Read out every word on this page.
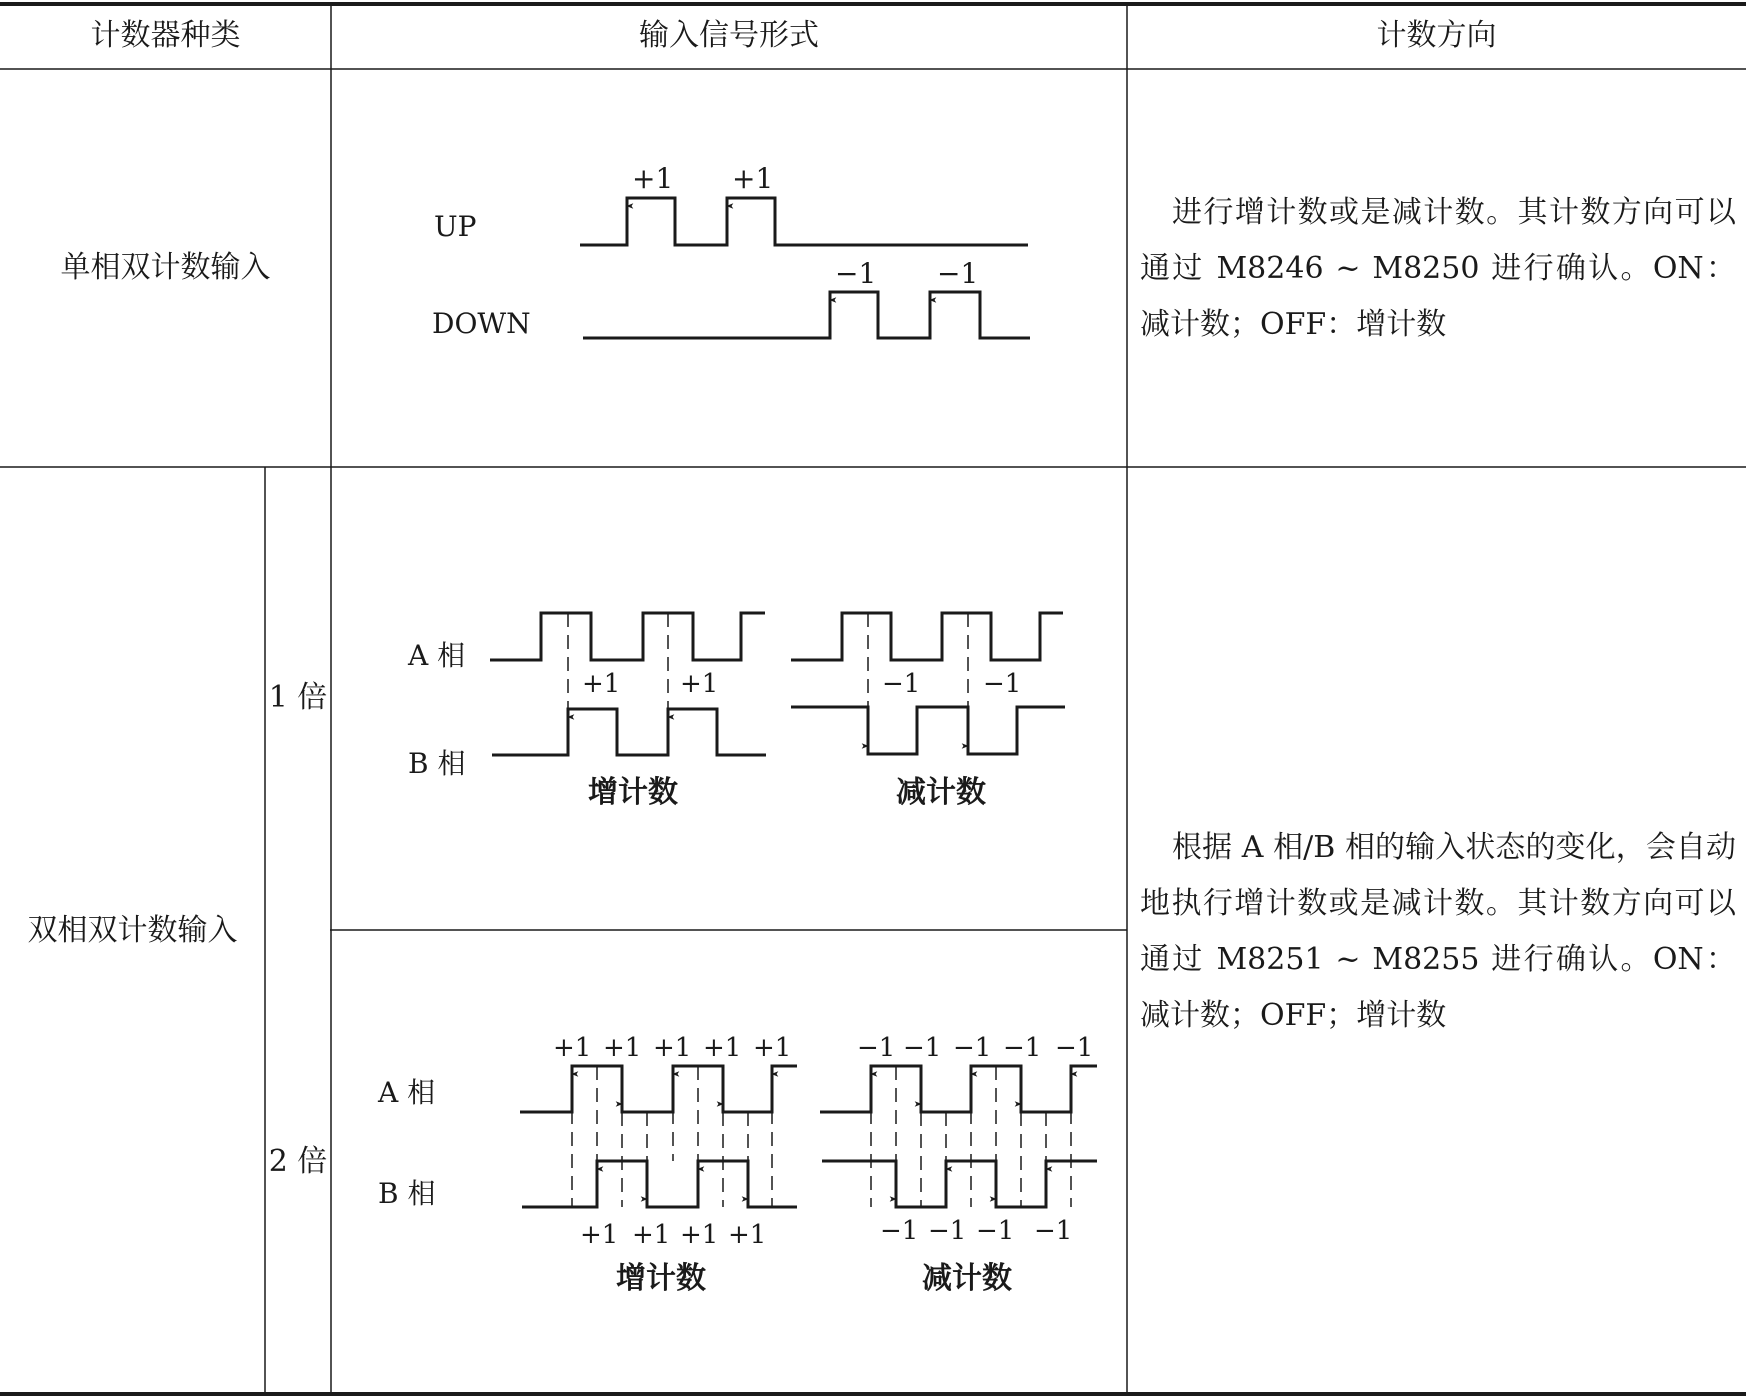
计数器种类	输入信号形式	计数方向
单相双计数输入
进行增计数或是减计数。其计数方向可以通过 M8246 ~ M8250 进行确认。ON：减计数；OFF：增计数
双相双计数输入
1 倍
2 倍
根据 A 相/B 相的输入状态的变化，会自动地执行增计数或是减计数。其计数方向可以通过 M8251 ~ M8255 进行确认。ON：减计数；OFF；增计数
UP
DOWN
+1 +1
−1 −1
A 相
B 相
+1 +1
增计数
−1 −1
减计数
A 相
B 相
+1 +1 +1 +1 +1
+1 +1 +1 +1
增计数
−1 −1 −1 −1 −1
−1 −1 −1 −1
减计数
